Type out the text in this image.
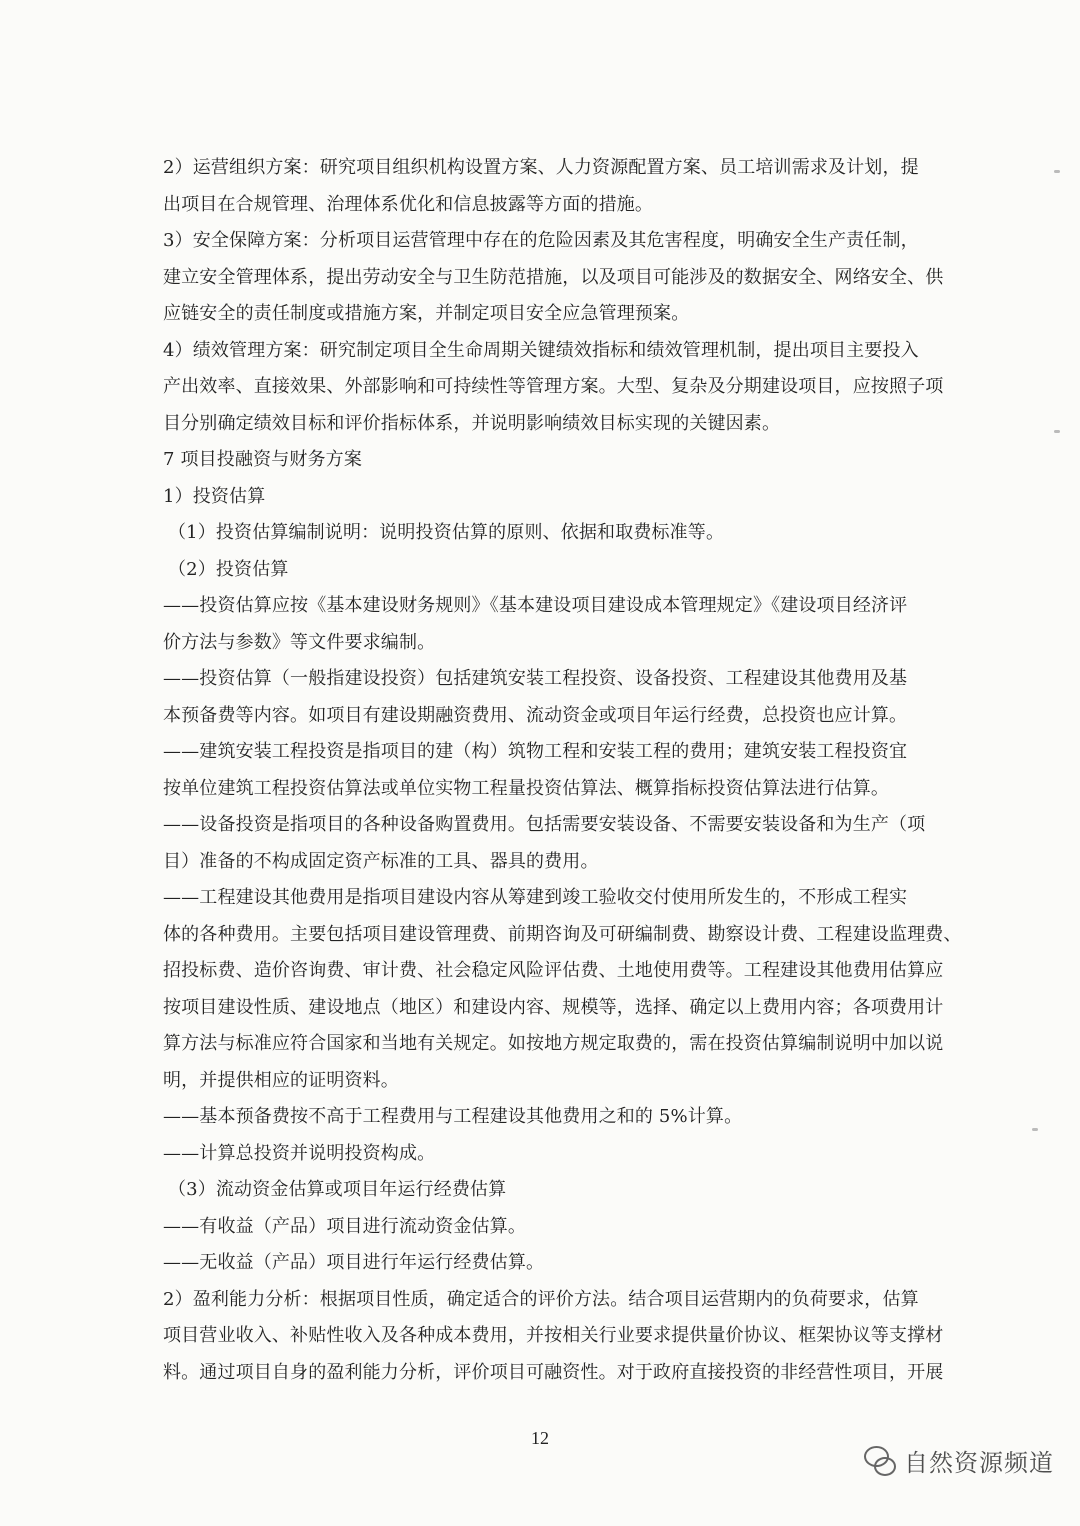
2）运营组织方案：研究项目组织机构设置方案、人力资源配置方案、员工培训需求及计划，提
出项目在合规管理、治理体系优化和信息披露等方面的措施。
3）安全保障方案：分析项目运营管理中存在的危险因素及其危害程度，明确安全生产责任制，
建立安全管理体系，提出劳动安全与卫生防范措施，以及项目可能涉及的数据安全、网络安全、供
应链安全的责任制度或措施方案，并制定项目安全应急管理预案。
4）绩效管理方案：研究制定项目全生命周期关键绩效指标和绩效管理机制，提出项目主要投入
产出效率、直接效果、外部影响和可持续性等管理方案。大型、复杂及分期建设项目，应按照子项
目分别确定绩效目标和评价指标体系，并说明影响绩效目标实现的关键因素。
7 项目投融资与财务方案
1）投资估算
（1）投资估算编制说明：说明投资估算的原则、依据和取费标准等。
（2）投资估算
——投资估算应按《基本建设财务规则》《基本建设项目建设成本管理规定》《建设项目经济评
价方法与参数》等文件要求编制。
——投资估算（一般指建设投资）包括建筑安装工程投资、设备投资、工程建设其他费用及基
本预备费等内容。如项目有建设期融资费用、流动资金或项目年运行经费，总投资也应计算。
——建筑安装工程投资是指项目的建（构）筑物工程和安装工程的费用；建筑安装工程投资宜
按单位建筑工程投资估算法或单位实物工程量投资估算法、概算指标投资估算法进行估算。
——设备投资是指项目的各种设备购置费用。包括需要安装设备、不需要安装设备和为生产（项
目）准备的不构成固定资产标准的工具、器具的费用。
——工程建设其他费用是指项目建设内容从筹建到竣工验收交付使用所发生的，不形成工程实
体的各种费用。主要包括项目建设管理费、前期咨询及可研编制费、勘察设计费、工程建设监理费、
招投标费、造价咨询费、审计费、社会稳定风险评估费、土地使用费等。工程建设其他费用估算应
按项目建设性质、建设地点（地区）和建设内容、规模等，选择、确定以上费用内容；各项费用计
算方法与标准应符合国家和当地有关规定。如按地方规定取费的，需在投资估算编制说明中加以说
明，并提供相应的证明资料。
——基本预备费按不高于工程费用与工程建设其他费用之和的 5%计算。
——计算总投资并说明投资构成。
（3）流动资金估算或项目年运行经费估算
——有收益（产品）项目进行流动资金估算。
——无收益（产品）项目进行年运行经费估算。
2）盈利能力分析：根据项目性质，确定适合的评价方法。结合项目运营期内的负荷要求，估算
项目营业收入、补贴性收入及各种成本费用，并按相关行业要求提供量价协议、框架协议等支撑材
料。通过项目自身的盈利能力分析，评价项目可融资性。对于政府直接投资的非经营性项目，开展
12
自然资源频道
